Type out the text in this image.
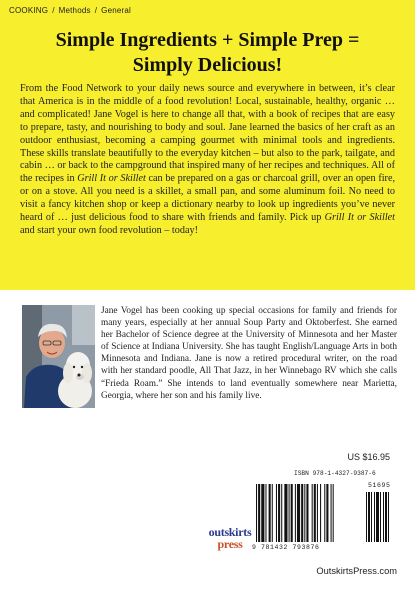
COOKING / Methods / General
Simple Ingredients + Simple Prep =
Simply Delicious!
From the Food Network to your daily news source and everywhere in between, it’s clear that America is in the middle of a food revolution! Local, sustainable, healthy, organic … and complicated! Jane Vogel is here to change all that, with a book of recipes that are easy to prepare, tasty, and nourishing to body and soul. Jane learned the basics of her craft as an outdoor enthusiast, becoming a camping gourmet with minimal tools and ingredients. These skills translate beautifully to the everyday kitchen – but also to the park, tailgate, and cabin … or back to the campground that inspired many of her recipes and techniques. All of the recipes in Grill It or Skillet can be prepared on a gas or charcoal grill, over an open fire, or on a stove. All you need is a skillet, a small pan, and some aluminum foil. No need to visit a fancy kitchen shop or keep a dictionary nearby to look up ingredients you’ve never heard of … just delicious food to share with friends and family. Pick up Grill It or Skillet and start your own food revolution – today!
Jane Vogel has been cooking up special occasions for family and friends for many years, especially at her annual Soup Party and Oktoberfest. She earned her Bachelor of Science degree at the University of Minnesota and her Master of Science at Indiana University. She has taught English/Language Arts in both Minnesota and Indiana. Jane is now a retired procedural writer, on the road with her standard poodle, All That Jazz, in her Winnebago RV which she calls “Frieda Roam.” She intends to land eventually somewhere near Marietta, Georgia, where her son and his family live.
US $16.95
ISBN 978-1-4327-9387-6
9 781432 793876
51695
outskirts
press
OutskirtsPress.com
